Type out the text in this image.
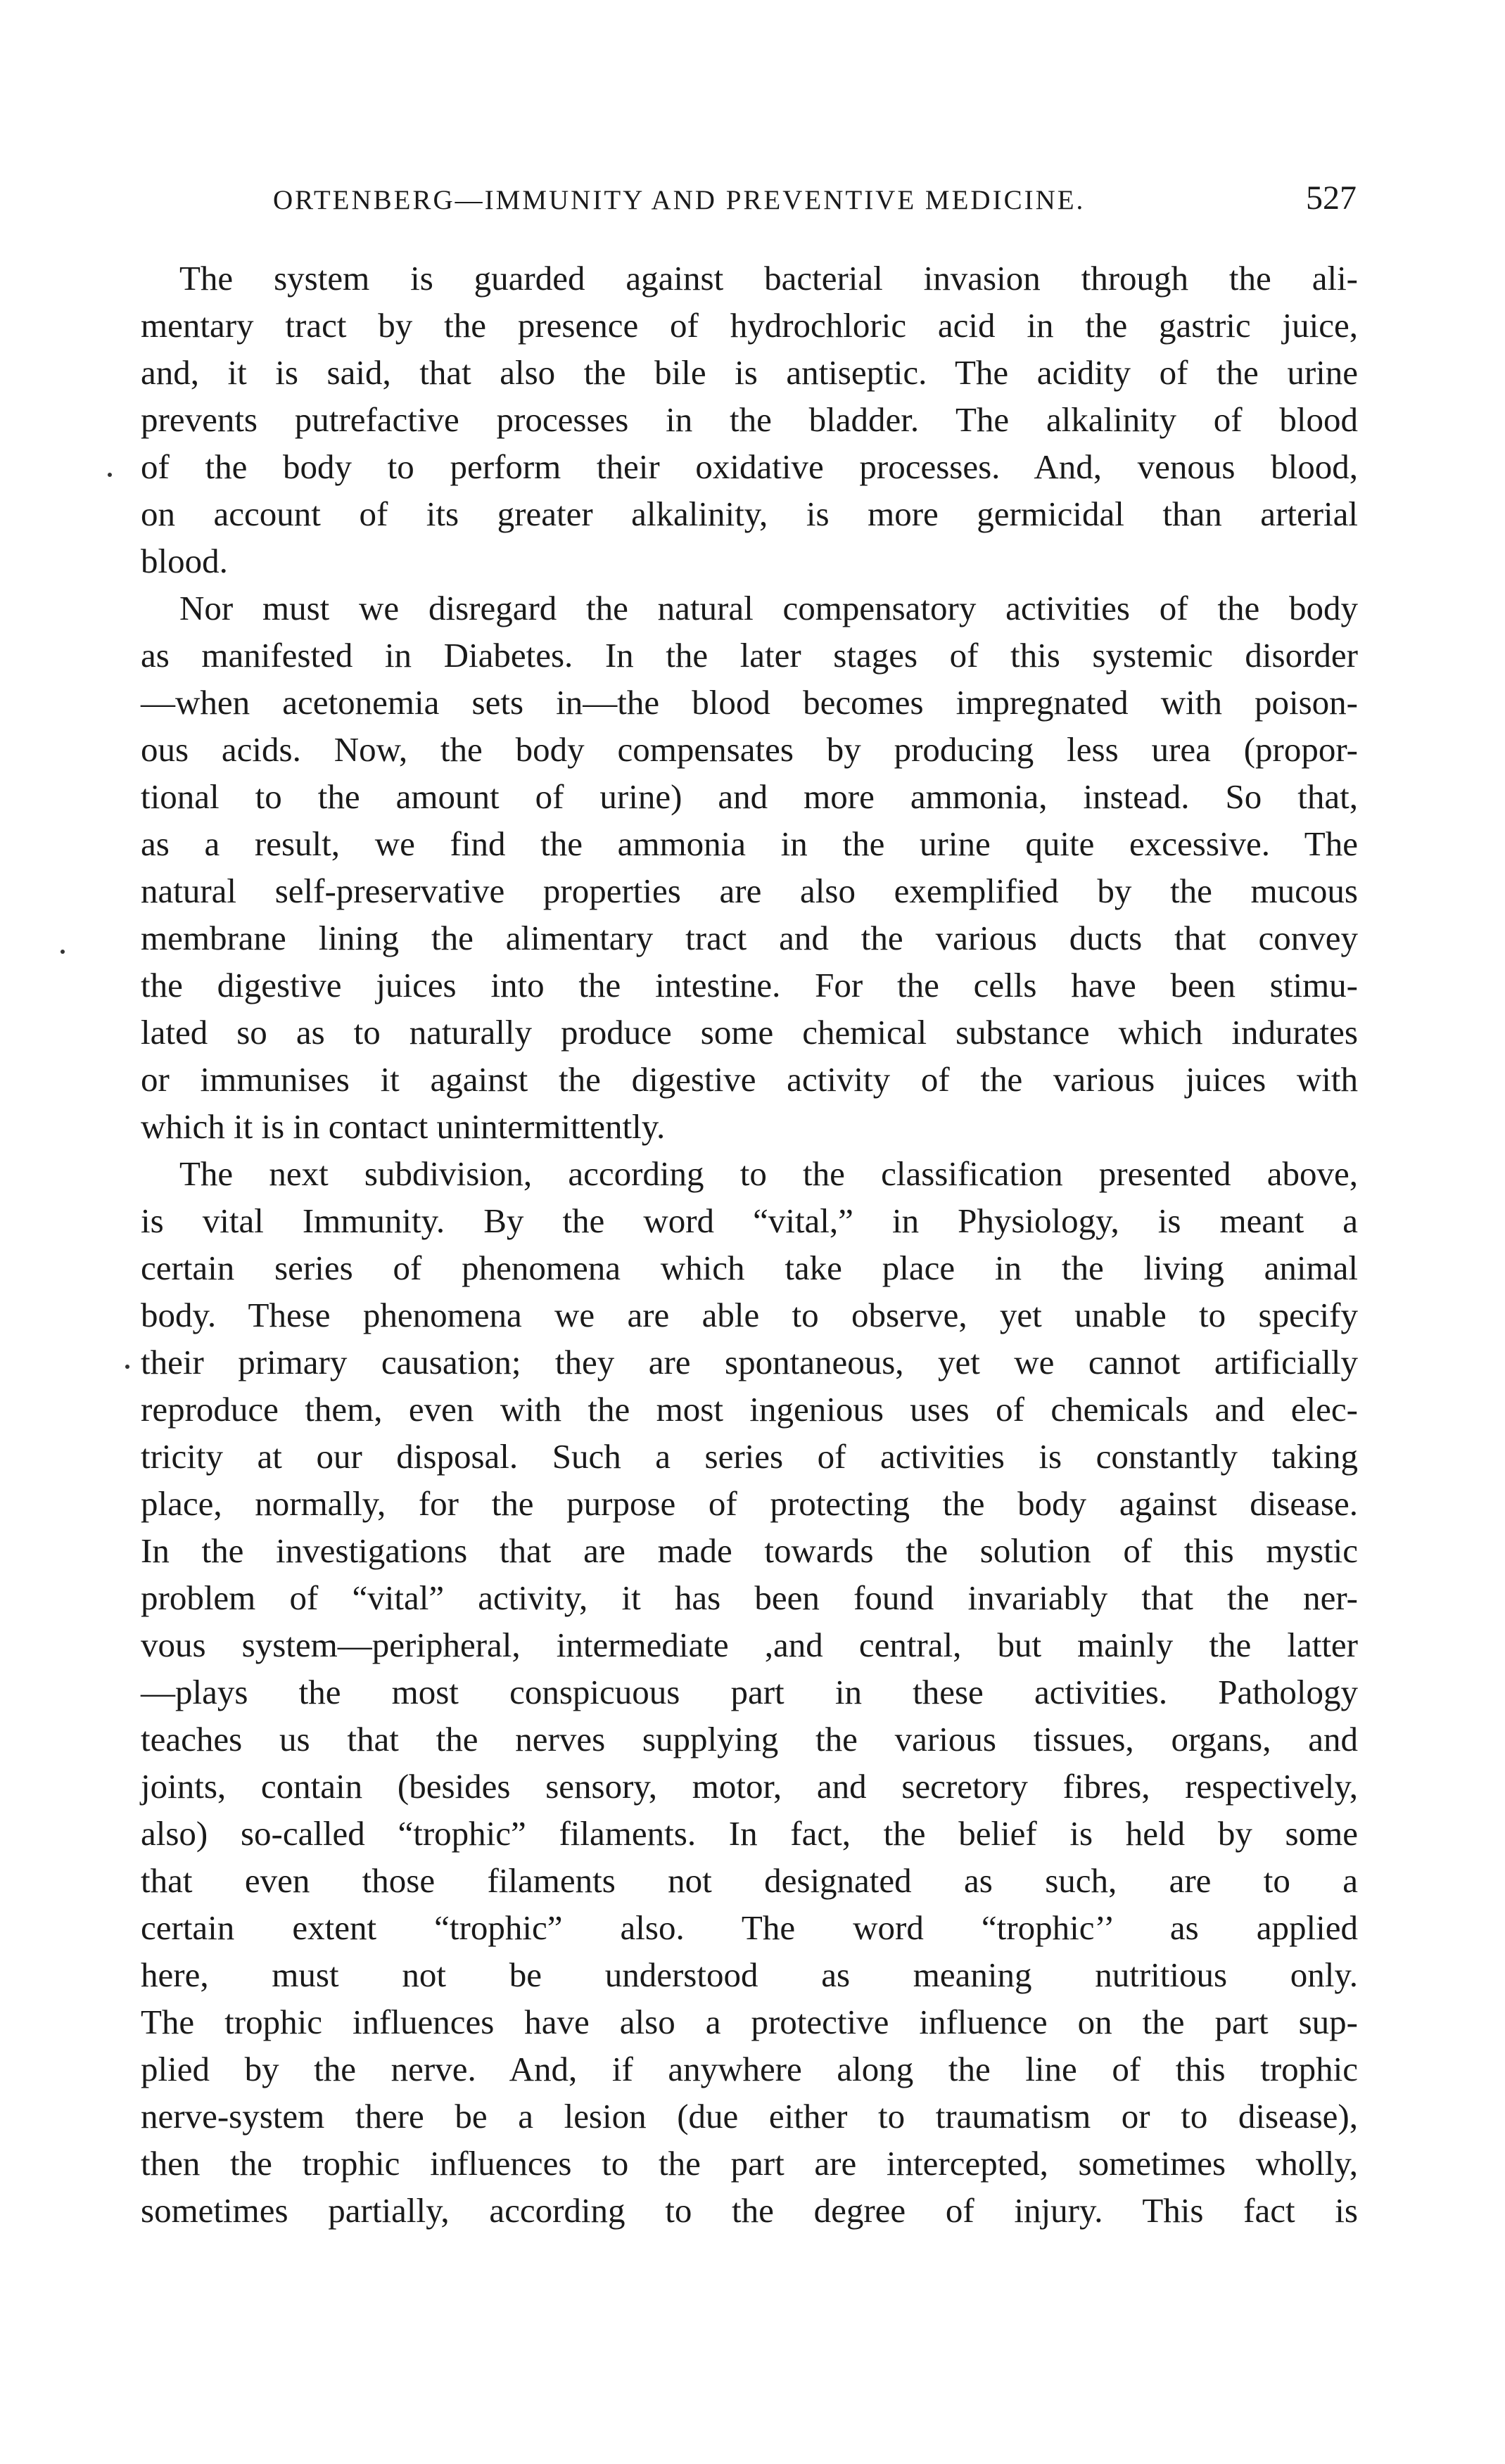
ORTENBERG—IMMUNITY AND PREVENTIVE MEDICINE.	527
The system is guarded against bacterial invasion through the ali-
mentary tract by the presence of hydrochloric acid in the gastric juice,
and, it is said, that also the bile is antiseptic. The acidity of the urine
prevents putrefactive processes in the bladder. The alkalinity of blood
of the body to perform their oxidative processes. And, venous blood,
on account of its greater alkalinity, is more germicidal than arterial
blood.
Nor must we disregard the natural compensatory activities of the body
as manifested in Diabetes. In the later stages of this systemic disorder
—when acetonemia sets in—the blood becomes impregnated with poison-
ous acids. Now, the body compensates by producing less urea (propor-
tional to the amount of urine) and more ammonia, instead. So that,
as a result, we find the ammonia in the urine quite excessive. The
natural self-preservative properties are also exemplified by the mucous
membrane lining the alimentary tract and the various ducts that convey
the digestive juices into the intestine. For the cells have been stimu-
lated so as to naturally produce some chemical substance which indurates
or immunises it against the digestive activity of the various juices with
which it is in contact unintermittently.
The next subdivision, according to the classification presented above,
is vital Immunity. By the word “vital,” in Physiology, is meant a
certain series of phenomena which take place in the living animal
body. These phenomena we are able to observe, yet unable to specify
their primary causation; they are spontaneous, yet we cannot artificially
reproduce them, even with the most ingenious uses of chemicals and elec-
tricity at our disposal. Such a series of activities is constantly taking
place, normally, for the purpose of protecting the body against disease.
In the investigations that are made towards the solution of this mystic
problem of “vital” activity, it has been found invariably that the ner-
vous system—peripheral, intermediate ,and central, but mainly the latter
—plays the most conspicuous part in these activities. Pathology
teaches us that the nerves supplying the various tissues, organs, and
joints, contain (besides sensory, motor, and secretory fibres, respectively,
also) so-called “trophic” filaments. In fact, the belief is held by some
that even those filaments not designated as such, are to a
certain extent “trophic” also. The word “trophic’’ as applied
here, must not be understood as meaning nutritious only.
The trophic influences have also a protective influence on the part sup-
plied by the nerve. And, if anywhere along the line of this trophic
nerve-system there be a lesion (due either to traumatism or to disease),
then the trophic influences to the part are intercepted, sometimes wholly,
sometimes partially, according to the degree of injury. This fact is
